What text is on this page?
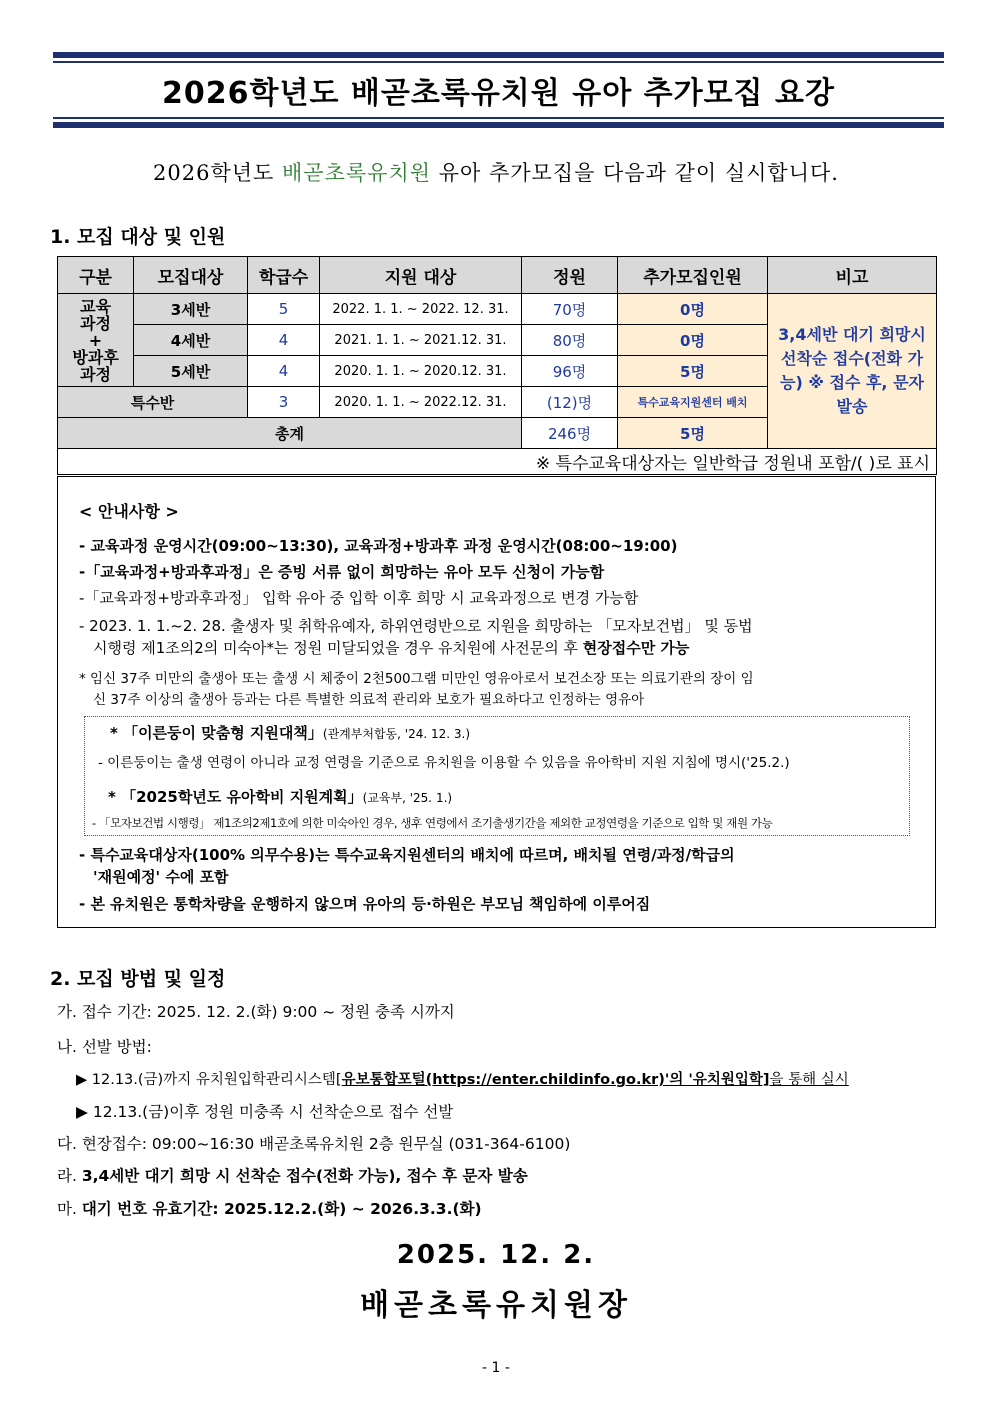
2026학년도 배곧초록유치원 유아 추가모집 요강
2026학년도 배곧초록유치원 유아 추가모집을 다음과 같이 실시합니다.
1. 모집 대상 및 인원
구분	모집대상	학급수	지원 대상	정원	추가모집인원	비고
교육
과정
+
방과후
과정	3세반	5	2022. 1. 1. ~ 2022. 12. 31.	70명	0명	3,4세반 대기 희망시 선착순 접수(전화 가능) ※ 접수 후, 문자 발송
	4세반	4	2021. 1. 1. ~ 2021.12. 31.	80명	0명	
	5세반	4	2020. 1. 1. ~ 2020.12. 31.	96명	5명	
특수반		3	2020. 1. 1. ~ 2022.12. 31.	(12)명	특수교육지원센터 배치	
총계				246명	5명	
※ 특수교육대상자는 일반학급 정원내 포함/( )로 표시						
< 안내사항 >
- 교육과정 운영시간(09:00~13:30), 교육과정+방과후 과정 운영시간(08:00~19:00)
-「교육과정+방과후과정」은 증빙 서류 없이 희망하는 유아 모두 신청이 가능함
-「교육과정+방과후과정」 입학 유아 중 입학 이후 희망 시 교육과정으로 변경 가능함
- 2023. 1. 1.~2. 28. 출생자 및 취학유예자, 하위연령반으로 지원을 희망하는 「모자보건법」 및 동법
시행령 제1조의2의 미숙아*는 정원 미달되었을 경우 유치원에 사전문의 후 현장접수만 가능
* 임신 37주 미만의 출생아 또는 출생 시 체중이 2천500그램 미만인 영유아로서 보건소장 또는 의료기관의 장이 임
신 37주 이상의 출생아 등과는 다른 특별한 의료적 관리와 보호가 필요하다고 인정하는 영유아
* 「이른둥이 맞춤형 지원대책」(관계부처합동, '24. 12. 3.)
- 이른둥이는 출생 연령이 아니라 교정 연령을 기준으로 유치원을 이용할 수 있음을 유아학비 지원 지침에 명시('25.2.)
* 「2025학년도 유아학비 지원계획」(교육부, '25. 1.)
- 「모자보건법 시행령」 제1조의2제1호에 의한 미숙아인 경우, 생후 연령에서 조기출생기간을 제외한 교정연령을 기준으로 입학 및 재원 가능
- 특수교육대상자(100% 의무수용)는 특수교육지원센터의 배치에 따르며, 배치될 연령/과정/학급의
'재원예정' 수에 포함
- 본 유치원은 통학차량을 운행하지 않으며 유아의 등·하원은 부모님 책임하에 이루어짐
2. 모집 방법 및 일정
가. 접수 기간: 2025. 12. 2.(화) 9:00 ~ 정원 충족 시까지
나. 선발 방법:
▶ 12.13.(금)까지 유치원입학관리시스템[유보통합포털(https://enter.childinfo.go.kr)'의 '유치원입학]을 통해 실시
▶ 12.13.(금)이후 정원 미충족 시 선착순으로 접수 선발
다. 현장접수: 09:00~16:30 배곧초록유치원 2층 원무실 (031-364-6100)
라. 3,4세반 대기 희망 시 선착순 접수(전화 가능), 접수 후 문자 발송
마. 대기 번호 유효기간: 2025.12.2.(화) ~ 2026.3.3.(화)
2025. 12. 2.
배곧초록유치원장
- 1 -
